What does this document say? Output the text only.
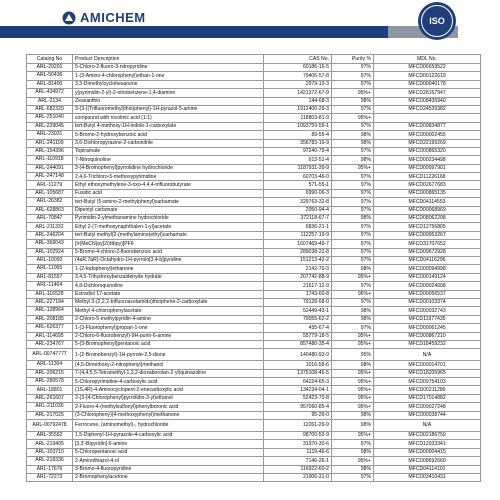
AMICHEM	ISO
Catalog No	Product Description	CAS No.	Purity %	MDL No.
ARL-29201	5-Chloro-2-fluoro-3-nitropyridine	60186-16-5	97%	MFCD06659522
ARL-50436	1-(3-Amino-4-chlorophenyl)ethan-1-one	79406-57-8	97%	MFCD00122619
ARL-81400	3,3-Dimethylcyclohexanone	2979-19-3	97%	MFCD00040178
ARL-434972	y(pyrimidin-2-yl)-2-nitrobenzene-1,4-diamine	1421372-67-9	95%+	MFCD28167947
ARL-2134	Zeaxanthin	144-68-3	98%	MFCD08435940
ARL-682329	3-(3-((Trifluoromethyl)thio)phenyl)-1H-pyrazol-5-amine	1912400-29-3	97%	MFCD24539382
ARL-251040	compound with nicotinic acid (1:1)	118803-81-9	95%+	
ARL-239045	tert-Butyl 4-methoxy-1H-indole-1-carboxylate	1093759-59-1	97%	MFCD09834877
ARL-23031	5-Bromo-2-hydroxybenzoic acid	89-55-4	98%	MFCD00002455
ARL-241199	3,6-Dichloropyrazine-2-carbonitrile	356783-16-9	98%	MFCD22199269
ARL-154396	Topiramate	97240-79-4	97%	MFCD00865320
ARL-110918	7-Nitroquinoline	613-51-4	98%	MFCD00234498
ARL-244091	3-(4-Bromophenyl)pyrrolidine hydrochloride	1187931-39-9	95%+	MFCD09997901
ARL-247148	2,4,6-Trichloro-5-methoxypyrimidine	60703-46-0	97%	MFCD11226168
ARL-11279	Ethyl ethoxymethylene-3-oxo-4,4,4-trifluorobutyrate	571-55-1	97%	MFCD02677683
ARL-105687	Fusidic acid	6990-06-3	97%	MFCD00865135
ARL-26382	tert-Butyl (5-amino-2-methylphenyl)carbamate	329763-32-8	97%	MFCD04114553
ARL-628863	Dipentyl carbonate	2050-94-4	97%	MFCD00068969
ARL-70847	Pyrimidin-2-ylmethanamine hydrochloride	372118-67-7	98%	MFCD08062208
ARL-211332	Ethyl 2-(7-methoxynaphthalen-1-yl)acetate	6836-21-1	97%	MFCD12756805
ARL-246204	tert-Butyl methyl(2-(methylamino)ethyl)carbamate	112257-19-9	97%	MFCD09953267
ARL-366043	[Ir(MeCN)py]2(dtbpy)]PF6	1607469-49-7	97%	MFCD31707652
ARL-102924	5-Bromo-4-chloro-2-fluorobenzoic acid	289038-22-8	97%	MFCD09672928
ARL-10092	(4aR,7aR)-Octahydro-1H-pyrrolo[3,4-b]pyridine	151213-42-2	97%	MFCD04116296
ARL-11065	1-(2-Iodophenyl)ethanone	2142-70-3	98%	MFCD00094998
ARL-81557	3,4,5-Trihydroxybenzaldehyde hydrate	207742-88-9	95%+	MFCD00149124
ARL-11464	4,8-Dichloroquinoline	21617-12-9	97%	MFCD00024008
ARL-116528	Estradiol 17-acetate	1743-60-8	96%+	MFCD00056537
ARL-227184	Methyl 3-(2,2,2-trifluoroacetamido)thiophene-2-carboxylate	79128-68-0	97%	MFCD00103374
ARL-138964	Methyl 4-chlorophenylacetate	52449-43-1	98%	MFCD00032743
ARL-208185	2-Chloro-5-methylpyridin-4-amine	79055-62-2	98%	MFCD11977435
ARL-626377	1-(3-Fluorophenyl)propan-1-one	455-67-4	97%	MFCD00061245
ARL-114695	2-Chloro-6-fluorobenzyl)-9H-purin-6-amine	55779-18-5	95%+	MFCD00867210
ARL-234767	5-(3-Bromophenyl)pentanoic acid	857480-35-4	95%+	MFCD18459232
ARL-00747777	1-(2-Bromobenzyl)-1H-pyrrole-2,5-dione	140480-93-9	95%	N/A
ARL-11304	(4,5-Dimethoxy-2-nitrophenyl)methanol	1016-58-6	98%	MFCD00014701
ARL-206215	7-(4,4,5,5-Tetramethyl-1,3,2-dioxaborolan-2-yl)quinazoline	1375108-46-5	95%+	MFCD18205965
ARL-280578	5-Chloropyrimidine-4-carboxylic acid	64224-65-3	95%+	MFCD09754103
ARL-18801	(1S,4R)-4-Aminocyclopent-2-enecarboxylic acid	134234-04-1	95%+	MFCD00211286
ARL-261607	2-(3-(4-Chlorophenyl)pyrrolidin-3-yl)ethanol	52423-70-8	95%+	MFCD17014882
ARL-211036	2-Fluoro-4-(methylsulfonyl)phenylboronic acid	957060-85-4	95%+	MFCD09027248
ARL-217025	(3-Chloropheny)(4-methoxyphenyl)methanone	95-29-0	98%	MFCD00038744
ARL-00792478	Ferrocene, (aminomethyl)-, hydrochloride	12261-29-9	98%	N/A
ARL-35552	1,5-Diphenyl-1H-pyrazole-4-carboxylic acid	98700-53-9	95%+	MFCD02186759
ARL-219405	[3,3'-Bipyridin]-6-amine	31970-30-6	97%	MFCD12033341
ARL-103710	5-Chloropentanoic acid	1119-46-6	98%	MFCD00004415
ARL-218336	2-Aminothiazol-4-ol	7146-26-1	95%+	MFCD08692660
ARL-17676	3-Bromo-4-fluoropyridine	116922-60-2	98%	MFCD04114101
ARL-72273	2-Bromophenylacetone	21906-31-0	97%	MFCD03410431
